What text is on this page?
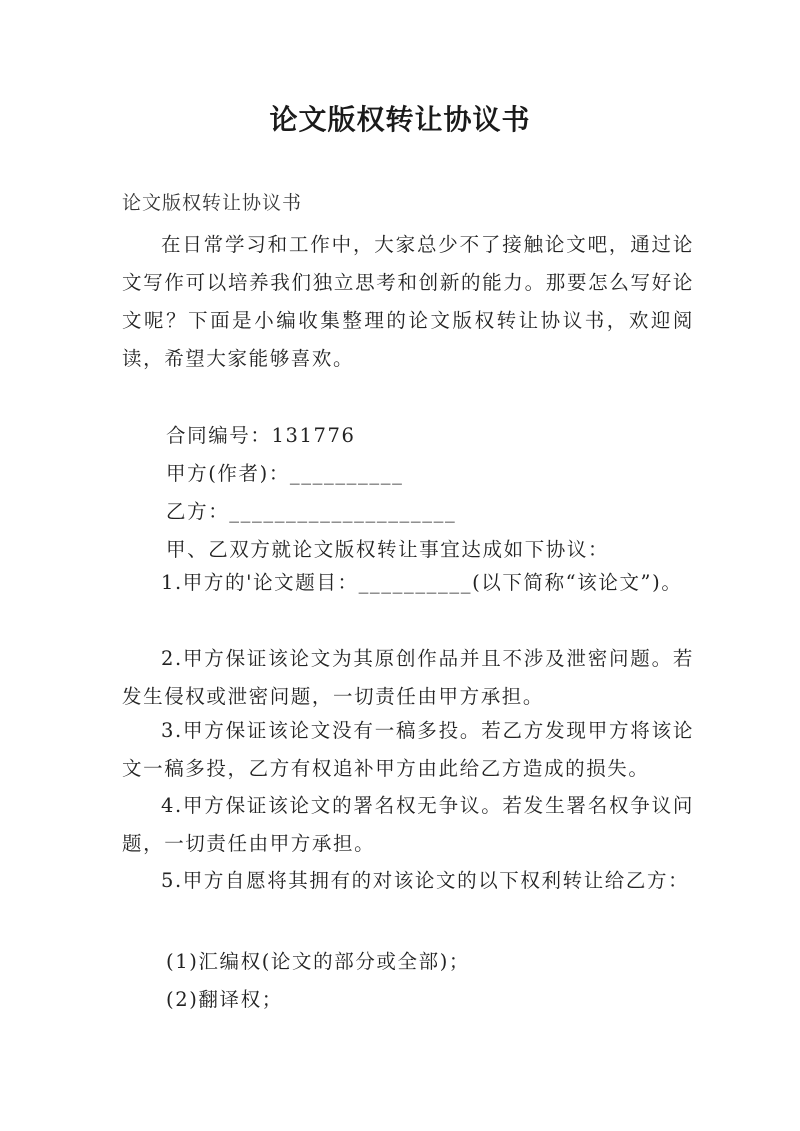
论文版权转让协议书
论文版权转让协议书
在日常学习和工作中，大家总少不了接触论文吧，通过论文写作可以培养我们独立思考和创新的能力。那要怎么写好论文呢？下面是小编收集整理的论文版权转让协议书，欢迎阅读，希望大家能够喜欢。
合同编号：131776
甲方(作者)：__________
乙方：____________________
甲、乙双方就论文版权转让事宜达成如下协议：
1.甲方的'论文题目：__________(以下简称“该论文”)。
2.甲方保证该论文为其原创作品并且不涉及泄密问题。若发生侵权或泄密问题，一切责任由甲方承担。
3.甲方保证该论文没有一稿多投。若乙方发现甲方将该论文一稿多投，乙方有权追补甲方由此给乙方造成的损失。
4.甲方保证该论文的署名权无争议。若发生署名权争议问题，一切责任由甲方承担。
5.甲方自愿将其拥有的对该论文的以下权利转让给乙方：
(1)汇编权(论文的部分或全部)；
(2)翻译权；
